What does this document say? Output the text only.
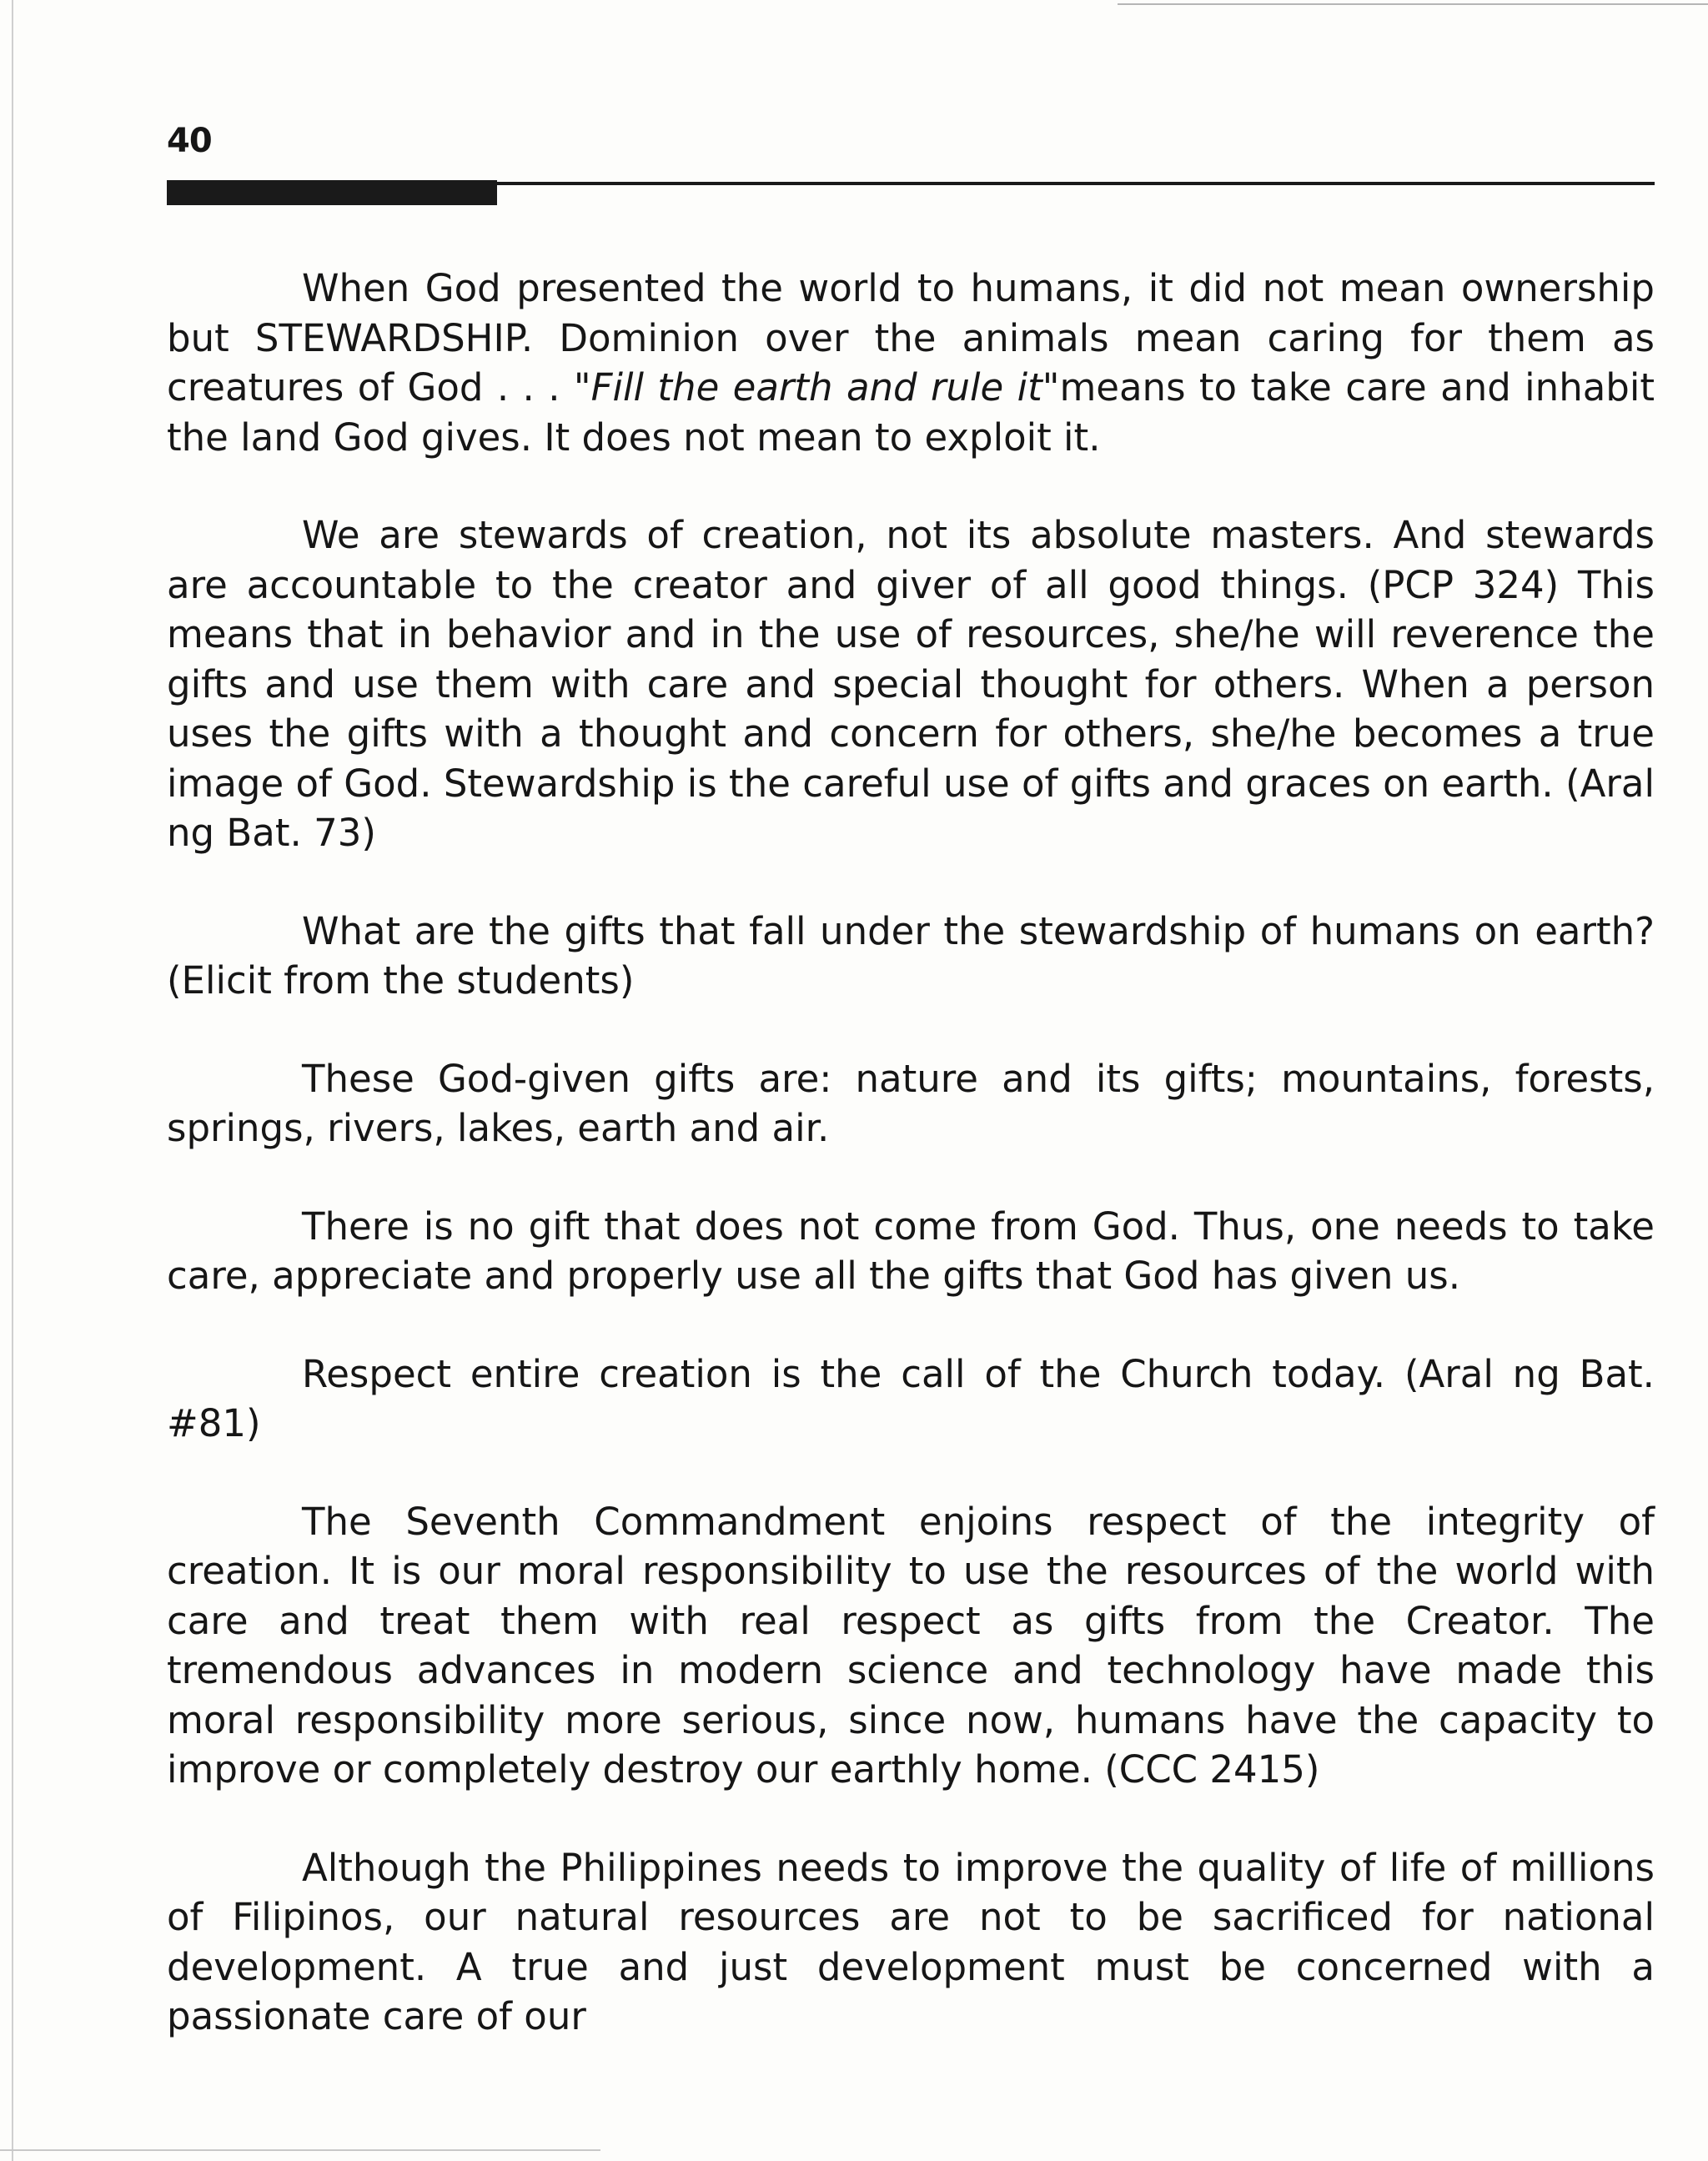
40

When God presented the world to humans, it did not mean ownership but STEWARDSHIP. Dominion over the animals mean caring for them as creatures of God . . . "Fill the earth and rule it"means to take care and inhabit the land God gives. It does not mean to exploit it.

We are stewards of creation, not its absolute masters. And stewards are accountable to the creator and giver of all good things. (PCP 324) This means that in behavior and in the use of resources, she/he will reverence the gifts and use them with care and special thought for others. When a person uses the gifts with a thought and concern for others, she/he becomes a true image of God. Stewardship is the careful use of gifts and graces on earth. (Aral ng Bat. 73)

What are the gifts that fall under the stewardship of humans on earth? (Elicit from the students)

These God-given gifts are: nature and its gifts; mountains, forests, springs, rivers, lakes, earth and air.

There is no gift that does not come from God. Thus, one needs to take care, appreciate and properly use all the gifts that God has given us.

Respect entire creation is the call of the Church today. (Aral ng Bat. #81)

The Seventh Commandment enjoins respect of the integrity of creation. It is our moral responsibility to use the resources of the world with care and treat them with real respect as gifts from the Creator. The tremendous advances in modern science and technology have made this moral responsibility more serious, since now, humans have the capacity to improve or completely destroy our earthly home. (CCC 2415)

Although the Philippines needs to improve the quality of life of millions of Filipinos, our natural resources are not to be sacrificed for national development. A true and just development must be concerned with a passionate care of our
